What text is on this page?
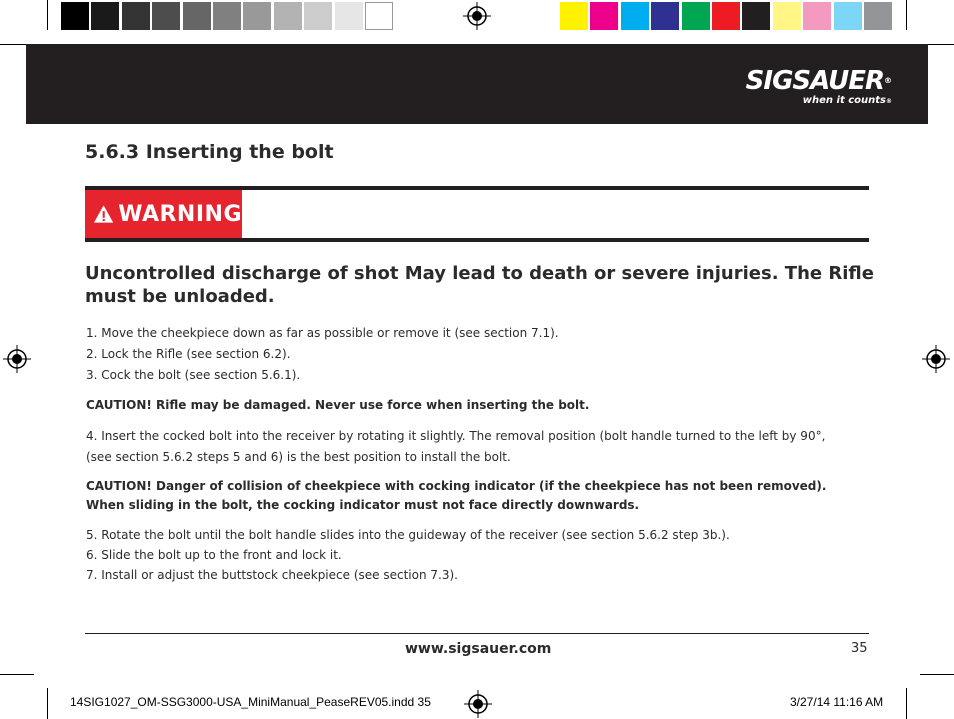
SIGSAUER®
when it counts®
5.6.3 Inserting the bolt
WARNING
Uncontrolled discharge of shot May lead to death or severe injuries. The Rifle must be unloaded.
1. Move the cheekpiece down as far as possible or remove it (see section 7.1).
2. Lock the Rifle (see section 6.2).
3. Cock the bolt (see section 5.6.1).
CAUTION! Rifle may be damaged. Never use force when inserting the bolt.
4. Insert the cocked bolt into the receiver by rotating it slightly. The removal position (bolt handle turned to the left by 90°,
(see section 5.6.2 steps 5 and 6) is the best position to install the bolt.
CAUTION! Danger of collision of cheekpiece with cocking indicator (if the cheekpiece has not been removed).
When sliding in the bolt, the cocking indicator must not face directly downwards.
5. Rotate the bolt until the bolt handle slides into the guideway of the receiver (see section 5.6.2 step 3b.).
6. Slide the bolt up to the front and lock it.
7. Install or adjust the buttstock cheekpiece (see section 7.3).
www.sigsauer.com	35
14SIG1027_OM-SSG3000-USA_MiniManual_PeaseREV05.indd 35	3/27/14 11:16 AM
